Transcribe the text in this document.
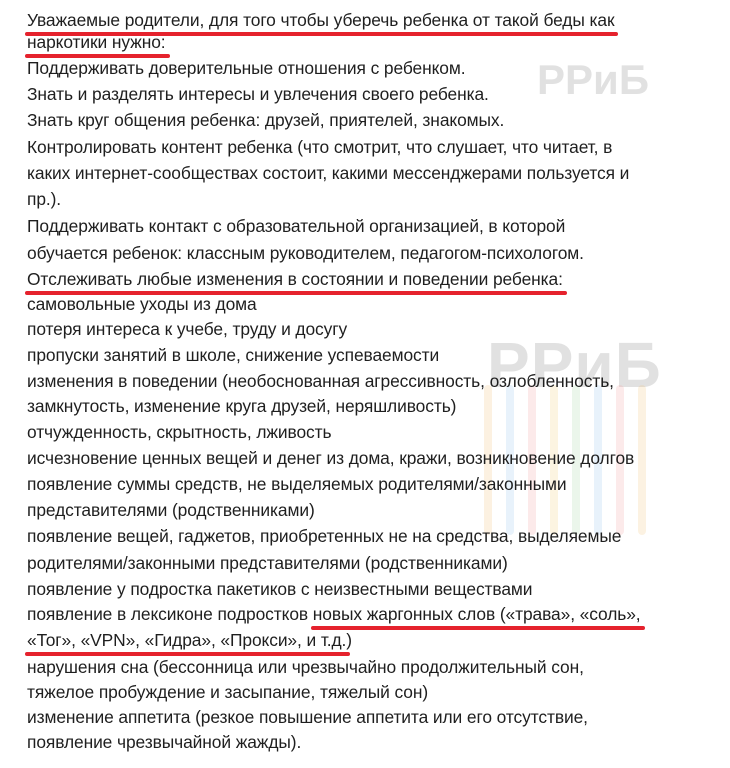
РРиБ
РРиБ
Уважаемые родители, для того чтобы уберечь ребенка от такой беды как
наркотики нужно:
Поддерживать доверительные отношения с ребенком.
Знать и разделять интересы и увлечения своего ребенка.
Знать круг общения ребенка: друзей, приятелей, знакомых.
Контролировать контент ребенка (что смотрит, что слушает, что читает, в
каких интернет-сообществах состоит, какими мессенджерами пользуется и
пр.).
Поддерживать контакт с образовательной организацией, в которой
обучается ребенок: классным руководителем, педагогом-психологом.
Отслеживать любые изменения в состоянии и поведении ребенка:
самовольные уходы из дома
потеря интереса к учебе, труду и досугу
пропуски занятий в школе, снижение успеваемости
изменения в поведении (необоснованная агрессивность, озлобленность,
замкнутость, изменение круга друзей, неряшливость)
отчужденность, скрытность, лживость
исчезновение ценных вещей и денег из дома, кражи, возникновение долгов
появление суммы средств, не выделяемых родителями/законными
представителями (родственниками)
появление вещей, гаджетов, приобретенных не на средства, выделяемые
родителями/законными представителями (родственниками)
появление у подростка пакетиков с неизвестными веществами
появление в лексиконе подростков новых жаргонных слов («трава», «соль»,
«Тог», «VPN», «Гидра», «Прокси», и т.д.
)
нарушения сна (бессонница или чрезвычайно продолжительный сон,
тяжелое пробуждение и засыпание, тяжелый сон)
изменение аппетита (резкое повышение аппетита или его отсутствие,
появление чрезвычайной жажды).
